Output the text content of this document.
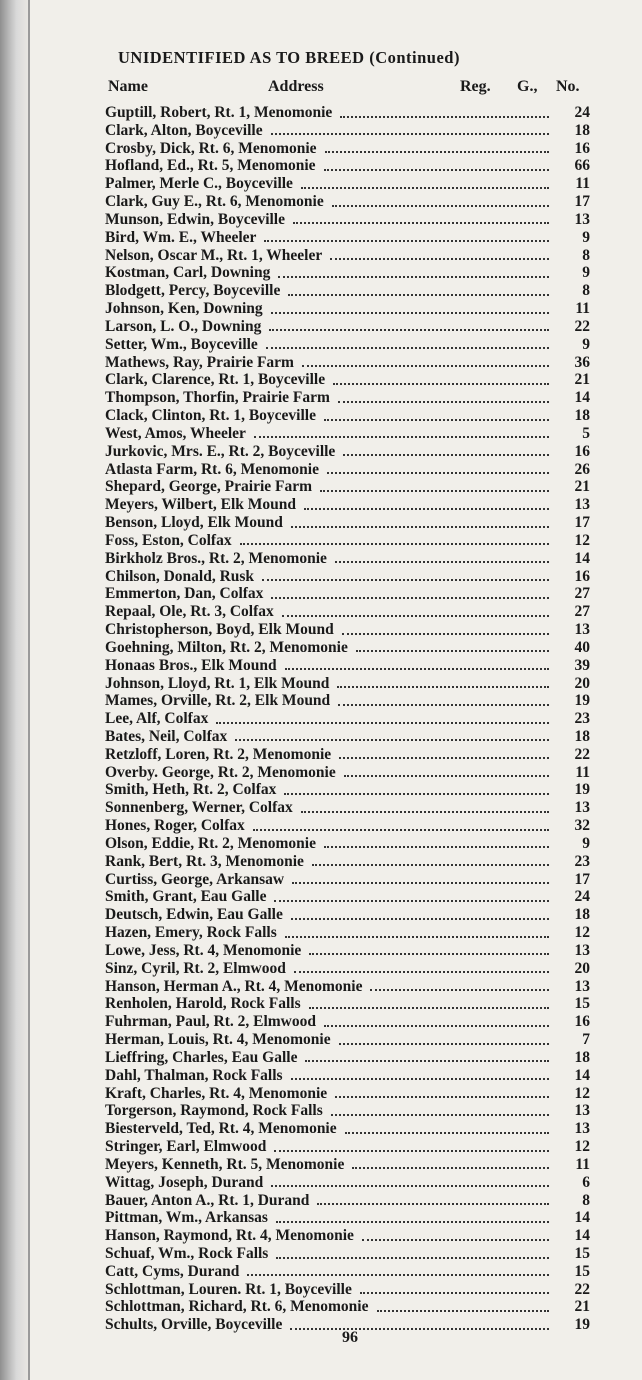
UNIDENTIFIED AS TO BREED (Continued)
Name	Address	Reg. G., No.
Guptill, Robert, Rt. 1, Menomonie	24
Clark, Alton, Boyceville	18
Crosby, Dick, Rt. 6, Menomonie	16
Hofland, Ed., Rt. 5, Menomonie	66
Palmer, Merle C., Boyceville	11
Clark, Guy E., Rt. 6, Menomonie	17
Munson, Edwin, Boyceville	13
Bird, Wm. E., Wheeler	9
Nelson, Oscar M., Rt. 1, Wheeler	8
Kostman, Carl, Downing	9
Blodgett, Percy, Boyceville	8
Johnson, Ken, Downing	11
Larson, L. O., Downing	22
Setter, Wm., Boyceville	9
Mathews, Ray, Prairie Farm	36
Clark, Clarence, Rt. 1, Boyceville	21
Thompson, Thorfin, Prairie Farm	14
Clack, Clinton, Rt. 1, Boyceville	18
West, Amos, Wheeler	5
Jurkovic, Mrs. E., Rt. 2, Boyceville	16
Atlasta Farm, Rt. 6, Menomonie	26
Shepard, George, Prairie Farm	21
Meyers, Wilbert, Elk Mound	13
Benson, Lloyd, Elk Mound	17
Foss, Eston, Colfax	12
Birkholz Bros., Rt. 2, Menomonie	14
Chilson, Donald, Rusk	16
Emmerton, Dan, Colfax	27
Repaal, Ole, Rt. 3, Colfax	27
Christopherson, Boyd, Elk Mound	13
Goehning, Milton, Rt. 2, Menomonie	40
Honaas Bros., Elk Mound	39
Johnson, Lloyd, Rt. 1, Elk Mound	20
Mames, Orville, Rt. 2, Elk Mound	19
Lee, Alf, Colfax	23
Bates, Neil, Colfax	18
Retzloff, Loren, Rt. 2, Menomonie	22
Overby. George, Rt. 2, Menomonie	11
Smith, Heth, Rt. 2, Colfax	19
Sonnenberg, Werner, Colfax	13
Hones, Roger, Colfax	32
Olson, Eddie, Rt. 2, Menomonie	9
Rank, Bert, Rt. 3, Menomonie	23
Curtiss, George, Arkansaw	17
Smith, Grant, Eau Galle	24
Deutsch, Edwin, Eau Galle	18
Hazen, Emery, Rock Falls	12
Lowe, Jess, Rt. 4, Menomonie	13
Sinz, Cyril, Rt. 2, Elmwood	20
Hanson, Herman A., Rt. 4, Menomonie	13
Renholen, Harold, Rock Falls	15
Fuhrman, Paul, Rt. 2, Elmwood	16
Herman, Louis, Rt. 4, Menomonie	7
Lieffring, Charles, Eau Galle	18
Dahl, Thalman, Rock Falls	14
Kraft, Charles, Rt. 4, Menomonie	12
Torgerson, Raymond, Rock Falls	13
Biesterveld, Ted, Rt. 4, Menomonie	13
Stringer, Earl, Elmwood	12
Meyers, Kenneth, Rt. 5, Menomonie	11
Wittag, Joseph, Durand	6
Bauer, Anton A., Rt. 1, Durand	8
Pittman, Wm., Arkansas	14
Hanson, Raymond, Rt. 4, Menomonie	14
Schuaf, Wm., Rock Falls	15
Catt, Cyms, Durand	15
Schlottman, Louren. Rt. 1, Boyceville	22
Schlottman, Richard, Rt. 6, Menomonie	21
Schults, Orville, Boyceville	19
96
